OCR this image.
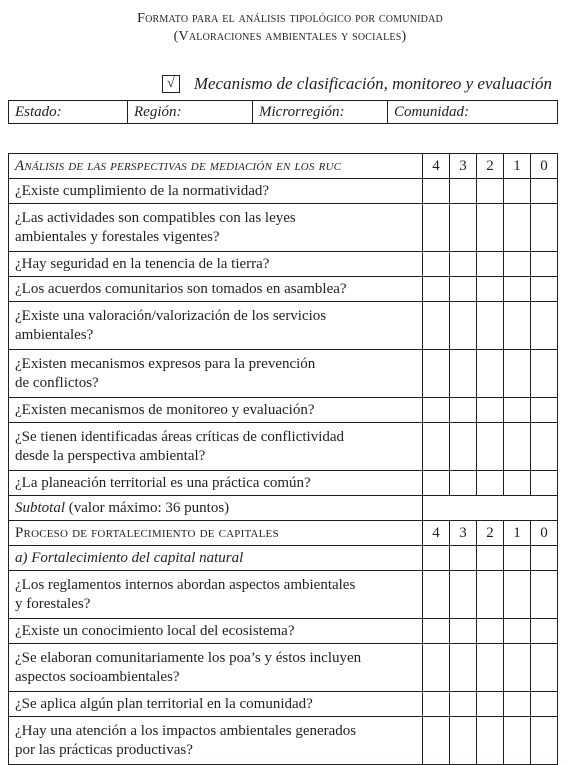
Formato para el análisis tipológico por comunidad
(Valoraciones ambientales y sociales)
√	Mecanismo de clasificación, monitoreo y evaluación
Estado:	Región:	Microrregión:	Comunidad:
Análisis de las perspectivas de mediación en los ruc	4	3	2	1	0
¿Existe cumplimiento de la normatividad?					
¿Las actividades son compatibles con las leyes
ambientales y forestales vigentes?					
¿Hay seguridad en la tenencia de la tierra?					
¿Los acuerdos comunitarios son tomados en asamblea?					
¿Existe una valoración/valorización de los servicios
ambientales?					
¿Existen mecanismos expresos para la prevención
de conflictos?					
¿Existen mecanismos de monitoreo y evaluación?					
¿Se tienen identificadas áreas críticas de conflictividad
desde la perspectiva ambiental?					
¿La planeación territorial es una práctica común?					
Subtotal (valor máximo: 36 puntos)					
Proceso de fortalecimiento de capitales	4	3	2	1	0
a) Fortalecimiento del capital natural					
¿Los reglamentos internos abordan aspectos ambientales
y forestales?					
¿Existe un conocimiento local del ecosistema?					
¿Se elaboran comunitariamente los poa’s y éstos incluyen
aspectos socioambientales?					
¿Se aplica algún plan territorial en la comunidad?					
¿Hay una atención a los impactos ambientales generados
por las prácticas productivas?					
